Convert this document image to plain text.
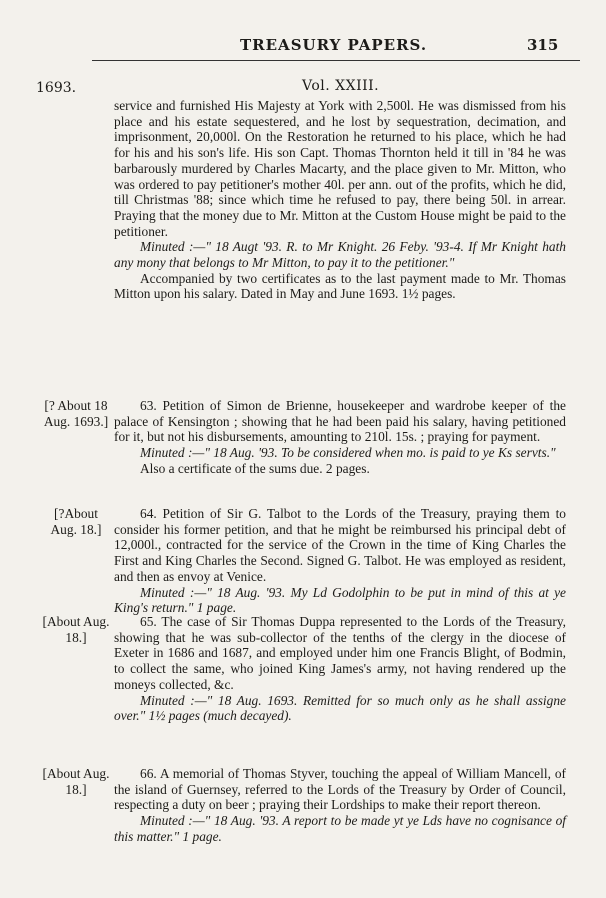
TREASURY PAPERS.	315
1693.	Vol. XXIII.

service and furnished His Majesty at York with 2,500l. He was dismissed from his place and his estate sequestered, and he lost by sequestration, decimation, and imprisonment, 20,000l. On the Restoration he returned to his place, which he had for his and his son's life. His son Capt. Thomas Thornton held it till in '84 he was barbarously murdered by Charles Macarty, and the place given to Mr. Mitton, who was ordered to pay petitioner's mother 40l. per ann. out of the profits, which he did, till Christmas '88; since which time he refused to pay, there being 50l. in arrear. Praying that the money due to Mr. Mitton at the Custom House might be paid to the petitioner.

Minuted :—" 18 Augt '93. R. to Mr Knight. 26 Feby. '93-4. If Mr Knight hath any mony that belongs to Mr Mitton, to pay it to the petitioner."

Accompanied by two certificates as to the last payment made to Mr. Thomas Mitton upon his salary. Dated in May and June 1693. 1½ pages.

[? About 18 Aug. 1693.]

63. Petition of Simon de Brienne, housekeeper and wardrobe keeper of the palace of Kensington ; showing that he had been paid his salary, having petitioned for it, but not his disbursements, amounting to 210l. 15s. ; praying for payment.

Minuted :—" 18 Aug. '93. To be considered when mo. is paid to ye Ks servts."

Also a certificate of the sums due. 2 pages.

[?About Aug. 18.]

64. Petition of Sir G. Talbot to the Lords of the Treasury, praying them to consider his former petition, and that he might be reimbursed his principal debt of 12,000l., contracted for the service of the Crown in the time of King Charles the First and King Charles the Second. Signed G. Talbot. He was employed as resident, and then as envoy at Venice.

Minuted :—" 18 Aug. '93. My Ld Godolphin to be put in mind of this at ye King's return." 1 page.

[About Aug. 18.]

65. The case of Sir Thomas Duppa represented to the Lords of the Treasury, showing that he was sub-collector of the tenths of the clergy in the diocese of Exeter in 1686 and 1687, and employed under him one Francis Blight, of Bodmin, to collect the same, who joined King James's army, not having rendered up the moneys collected, &c.

Minuted :—" 18 Aug. 1693. Remitted for so much only as he shall assigne over." 1½ pages (much decayed).

[About Aug. 18.]

66. A memorial of Thomas Styver, touching the appeal of William Mancell, of the island of Guernsey, referred to the Lords of the Treasury by Order of Council, respecting a duty on beer ; praying their Lordships to make their report thereon.

Minuted :—" 18 Aug. '93. A report to be made yt ye Lds have no cognisance of this matter." 1 page.
